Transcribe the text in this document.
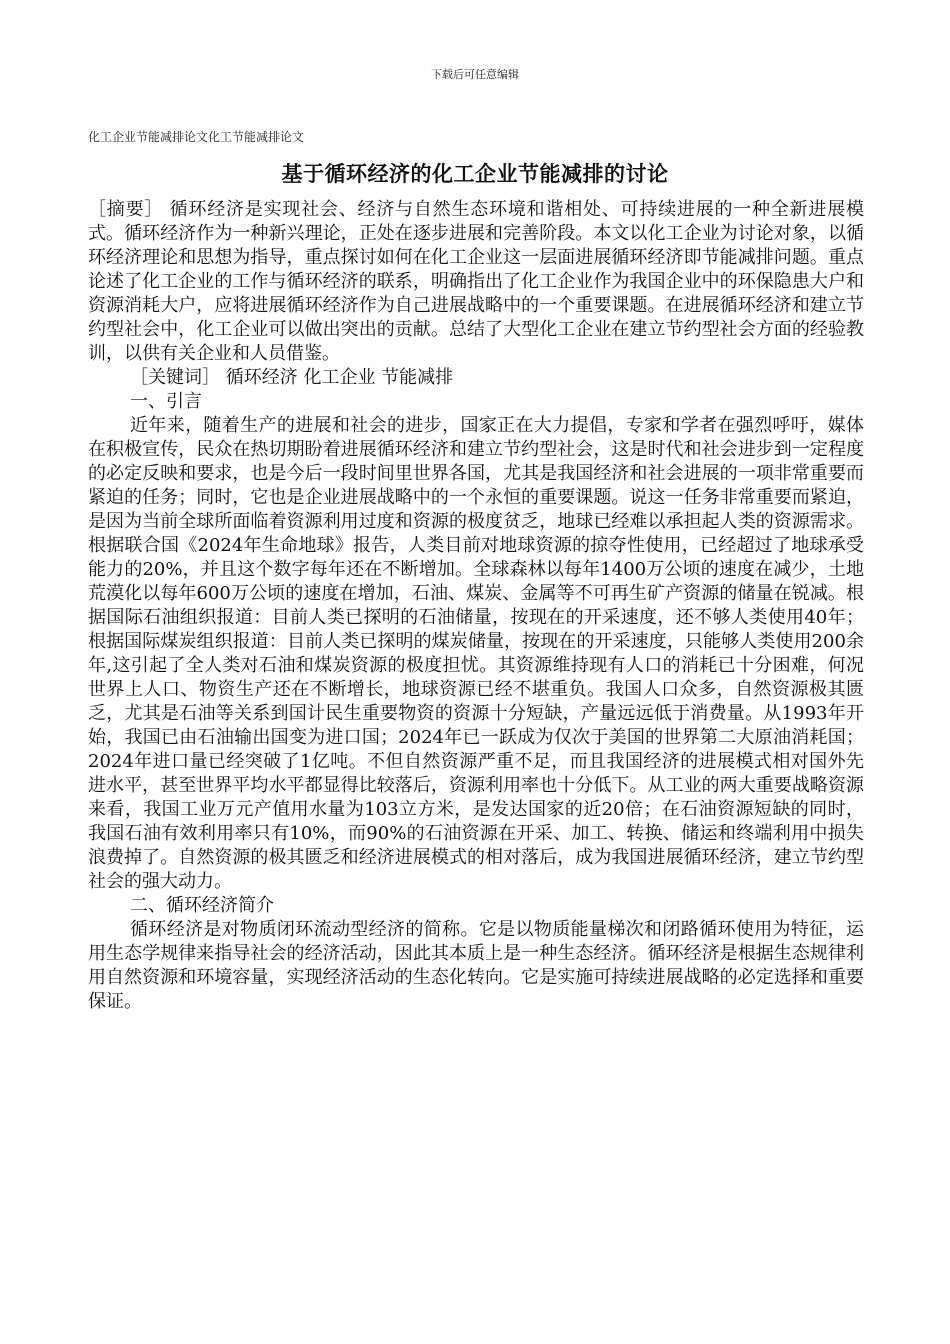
下载后可任意编辑
化工企业节能减排论文化工节能减排论文
基于循环经济的化工企业节能减排的讨论

［摘要］ 循环经济是实现社会、经济与自然生态环境和谐相处、可持续进展的一种全新进展模式。循环经济作为一种新兴理论，正处在逐步进展和完善阶段。本文以化工企业为讨论对象，以循环经济理论和思想为指导，重点探讨如何在化工企业这一层面进展循环经济即节能减排问题。重点论述了化工企业的工作与循环经济的联系，明确指出了化工企业作为我国企业中的环保隐患大户和资源消耗大户，应将进展循环经济作为自己进展战略中的一个重要课题。在进展循环经济和建立节约型社会中，化工企业可以做出突出的贡献。总结了大型化工企业在建立节约型社会方面的经验教训，以供有关企业和人员借鉴。

［关键词］ 循环经济 化工企业 节能减排

一、引言

近年来，随着生产的进展和社会的进步，国家正在大力提倡，专家和学者在强烈呼吁，媒体在积极宣传，民众在热切期盼着进展循环经济和建立节约型社会，这是时代和社会进步到一定程度的必定反映和要求，也是今后一段时间里世界各国，尤其是我国经济和社会进展的一项非常重要而紧迫的任务；同时，它也是企业进展战略中的一个永恒的重要课题。说这一任务非常重要而紧迫，是因为当前全球所面临着资源利用过度和资源的极度贫乏，地球已经难以承担起人类的资源需求。根据联合国《2024年生命地球》报告，人类目前对地球资源的掠夺性使用，已经超过了地球承受能力的20%，并且这个数字每年还在不断增加。全球森林以每年1400万公顷的速度在减少，土地荒漠化以每年600万公顷的速度在增加，石油、煤炭、金属等不可再生矿产资源的储量在锐减。根据国际石油组织报道：目前人类已探明的石油储量，按现在的开采速度，还不够人类使用40年；根据国际煤炭组织报道：目前人类已探明的煤炭储量，按现在的开采速度，只能够人类使用200余年,这引起了全人类对石油和煤炭资源的极度担忧。其资源维持现有人口的消耗已十分困难，何况世界上人口、物资生产还在不断增长，地球资源已经不堪重负。我国人口众多，自然资源极其匮乏，尤其是石油等关系到国计民生重要物资的资源十分短缺，产量远远低于消费量。从1993年开始，我国已由石油输出国变为进口国；2024年已一跃成为仅次于美国的世界第二大原油消耗国；2024年进口量已经突破了1亿吨。不但自然资源严重不足，而且我国经济的进展模式相对国外先进水平，甚至世界平均水平都显得比较落后，资源利用率也十分低下。从工业的两大重要战略资源来看，我国工业万元产值用水量为103立方米，是发达国家的近20倍；在石油资源短缺的同时，我国石油有效利用率只有10%，而90%的石油资源在开采、加工、转换、储运和终端利用中损失浪费掉了。自然资源的极其匮乏和经济进展模式的相对落后，成为我国进展循环经济，建立节约型社会的强大动力。

二、循环经济简介

循环经济是对物质闭环流动型经济的简称。它是以物质能量梯次和闭路循环使用为特征，运用生态学规律来指导社会的经济活动，因此其本质上是一种生态经济。循环经济是根据生态规律利用自然资源和环境容量，实现经济活动的生态化转向。它是实施可持续进展战略的必定选择和重要保证。
